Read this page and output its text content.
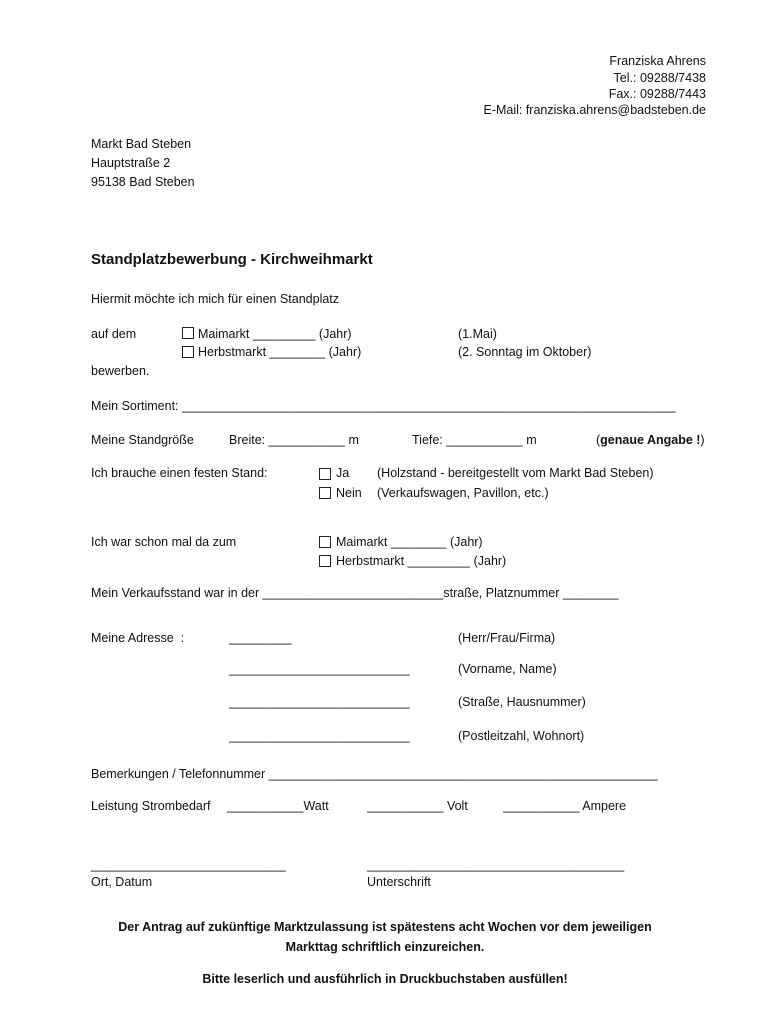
Franziska Ahrens
Tel.: 09288/7438
Fax.: 09288/7443
E-Mail: franziska.ahrens@badsteben.de
Markt Bad Steben
Hauptstraße 2
95138 Bad Steben
Standplatzbewerbung - Kirchweihmarkt
Hiermit möchte ich mich für einen Standplatz
auf dem	Maimarkt _________ (Jahr)	(1.Mai)
Herbstmarkt ________ (Jahr)	(2. Sonntag im Oktober)
bewerben.
Mein Sortiment: _______________________________________________________________________
Meine Standgröße	Breite: ___________ m	Tiefe: ___________ m	(genaue Angabe !)
Ich brauche einen festen Stand:	Ja (Holzstand - bereitgestellt vom Markt Bad Steben)
Nein (Verkaufswagen, Pavillon, etc.)
Ich war schon mal da zum	Maimarkt ________ (Jahr)
Herbstmarkt _________ (Jahr)
Mein Verkaufsstand war in der __________________________straße, Platznummer ________
Meine Adresse  :	_________	(Herr/Frau/Firma)
__________________________	(Vorname, Name)
__________________________	(Straße, Hausnummer)
__________________________	(Postleitzahl, Wohnort)
Bemerkungen / Telefonnummer ________________________________________________________
Leistung Strombedarf ___________Watt	___________ Volt	___________ Ampere
____________________________
Ort, Datum
_____________________________________
Unterschrift
Der Antrag auf zukünftige Marktzulassung ist spätestens acht Wochen vor dem jeweiligen
Markttag schriftlich einzureichen.
Bitte leserlich und ausführlich in Druckbuchstaben ausfüllen!
